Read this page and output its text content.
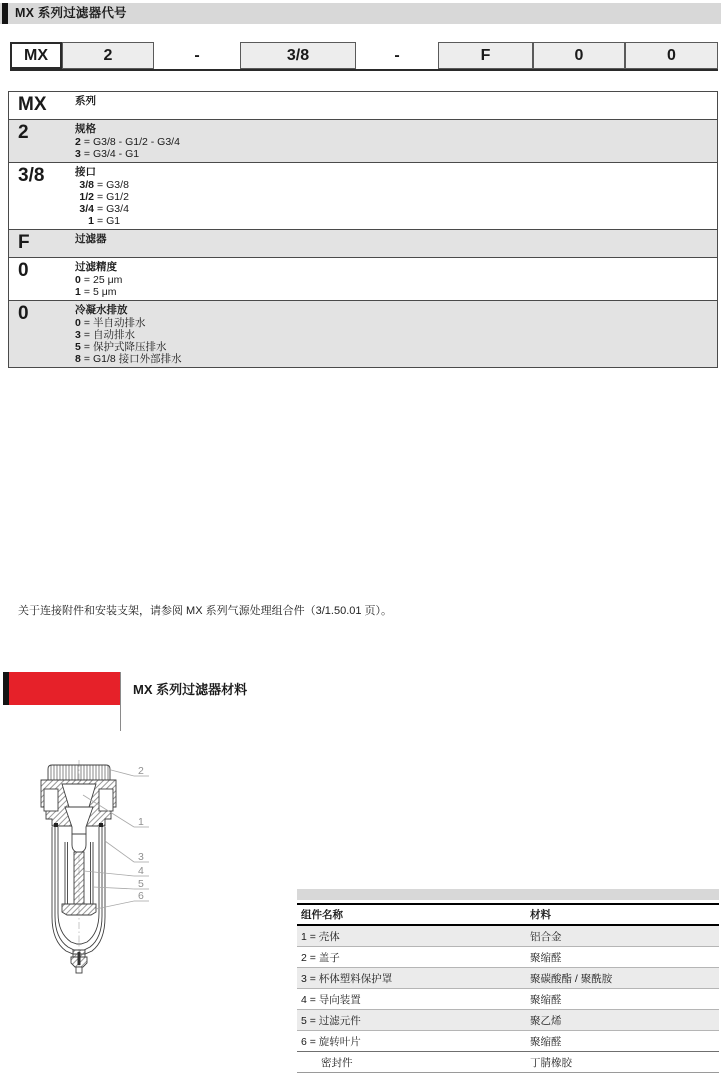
MX 系列过滤器代号
MX	2	-	3/8	-	F	0	0
MX	系列
2	规格
2 = G3/8 - G1/2 - G3/4
3 = G3/4 - G1
3/8	接口
3/8 = G3/8
1/2 = G1/2
3/4 = G3/4
1 = G1
F	过滤器
0	过滤精度
0 = 25 μm
1 = 5 μm
0	冷凝水排放
0 = 半自动排水
3 = 自动排水
5 = 保护式降压排水
8 = G1/8 接口外部排水
关于连接附件和安装支架，请参阅 MX 系列气源处理组合件（3/1.50.01 页）。
MX 系列过滤器材料
2
1
3
4
5
6
组件名称	材料
1 = 壳体	铝合金
2 = 盖子	聚缩醛
3 = 杯体塑料保护罩	聚碳酸酯 / 聚酰胺
4 = 导向装置	聚缩醛
5 = 过滤元件	聚乙烯
6 = 旋转叶片	聚缩醛
密封件	丁腈橡胶
